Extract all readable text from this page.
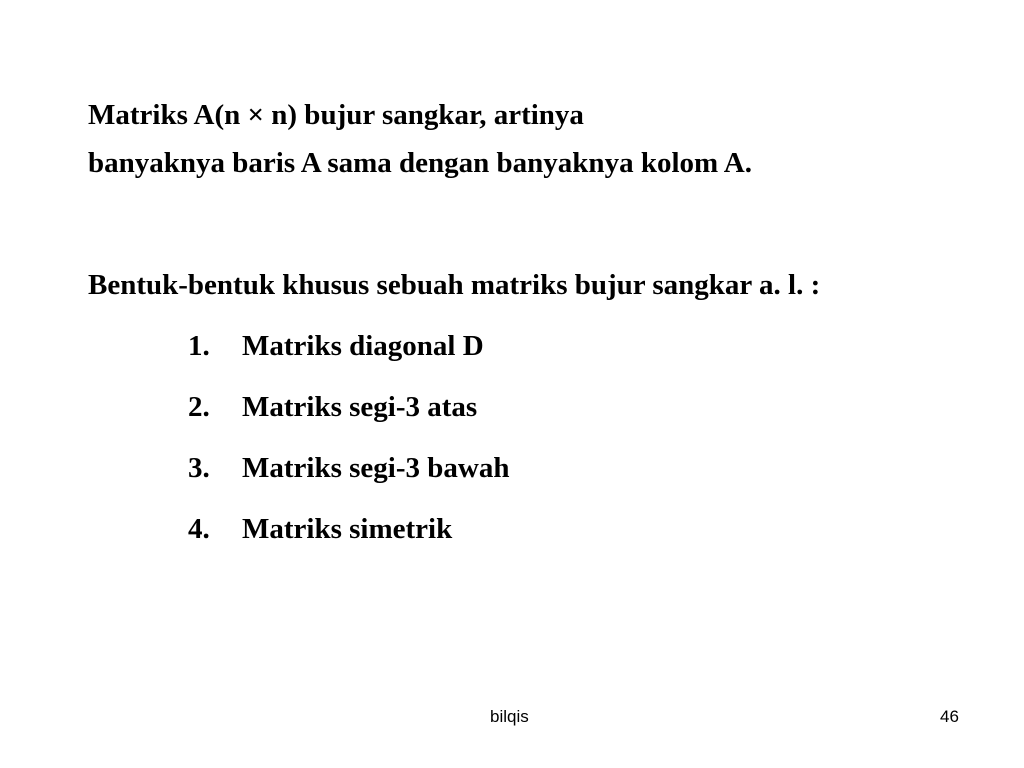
Matriks A(n × n) bujur sangkar, artinya
banyaknya baris A sama dengan banyaknya kolom A.
Bentuk-bentuk khusus sebuah matriks bujur sangkar a. l. :
1. Matriks diagonal D
2. Matriks segi-3 atas
3. Matriks segi-3 bawah
4. Matriks simetrik
bilqis	46
